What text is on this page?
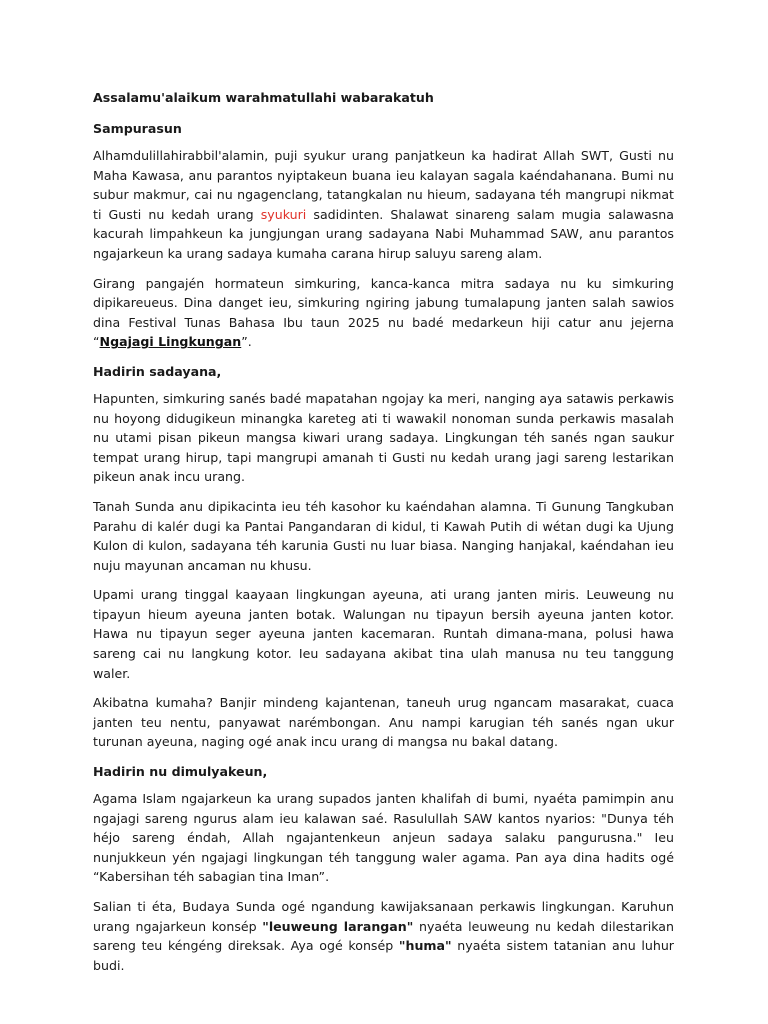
Assalamu'alaikum warahmatullahi wabarakatuh
Sampurasun

Alhamdulillahirabbil'alamin, puji syukur urang panjatkeun ka hadirat Allah SWT, Gusti nu Maha Kawasa, anu parantos nyiptakeun buana ieu kalayan sagala kaéndahanana. Bumi nu subur makmur, cai nu ngagenclang, tatangkalan nu hieum, sadayana téh mangrupi nikmat ti Gusti nu kedah urang syukuri sadidinten. Shalawat sinareng salam mugia salawasna kacurah limpahkeun ka jungjungan urang sadayana Nabi Muhammad SAW, anu parantos ngajarkeun ka urang sadaya kumaha carana hirup saluyu sareng alam.

Girang pangajén hormateun simkuring, kanca-kanca mitra sadaya nu ku simkuring dipikareueus. Dina danget ieu, simkuring ngiring jabung tumalapung janten salah sawios dina Festival Tunas Bahasa Ibu taun 2025 nu badé medarkeun hiji catur anu jejerna “Ngajagi Lingkungan”.

Hadirin sadayana,

Hapunten, simkuring sanés badé mapatahan ngojay ka meri, nanging aya satawis perkawis nu hoyong didugikeun minangka kareteg ati ti wawakil nonoman sunda perkawis masalah nu utami pisan pikeun mangsa kiwari urang sadaya. Lingkungan téh sanés ngan saukur tempat urang hirup, tapi mangrupi amanah ti Gusti nu kedah urang jagi sareng lestarikan pikeun anak incu urang.

Tanah Sunda anu dipikacinta ieu téh kasohor ku kaéndahan alamna. Ti Gunung Tangkuban Parahu di kalér dugi ka Pantai Pangandaran di kidul, ti Kawah Putih di wétan dugi ka Ujung Kulon di kulon, sadayana téh karunia Gusti nu luar biasa. Nanging hanjakal, kaéndahan ieu nuju mayunan ancaman nu khusu.

Upami urang tinggal kaayaan lingkungan ayeuna, ati urang janten miris. Leuweung nu tipayun hieum ayeuna janten botak. Walungan nu tipayun bersih ayeuna janten kotor. Hawa nu tipayun seger ayeuna janten kacemaran. Runtah dimana-mana, polusi hawa sareng cai nu langkung kotor. Ieu sadayana akibat tina ulah manusa nu teu tanggung waler.

Akibatna kumaha? Banjir mindeng kajantenan, taneuh urug ngancam masarakat, cuaca janten teu nentu, panyawat narémbongan. Anu nampi karugian téh sanés ngan ukur turunan ayeuna, naging ogé anak incu urang di mangsa nu bakal datang.

Hadirin nu dimulyakeun,

Agama Islam ngajarkeun ka urang supados janten khalifah di bumi, nyaéta pamimpin anu ngajagi sareng ngurus alam ieu kalawan saé. Rasulullah SAW kantos nyarios: "Dunya téh héjo sareng éndah, Allah ngajantenkeun anjeun sadaya salaku pangurusna." Ieu nunjukkeun yén ngajagi lingkungan téh tanggung waler agama. Pan aya dina hadits ogé “Kabersihan téh sabagian tina Iman”.

Salian ti éta, Budaya Sunda ogé ngandung kawijaksanaan perkawis lingkungan. Karuhun urang ngajarkeun konsép "leuweung larangan" nyaéta leuweung nu kedah dilestarikan sareng teu kéngéng direksak. Aya ogé konsép "huma" nyaéta sistem tatanian anu luhur budi.
